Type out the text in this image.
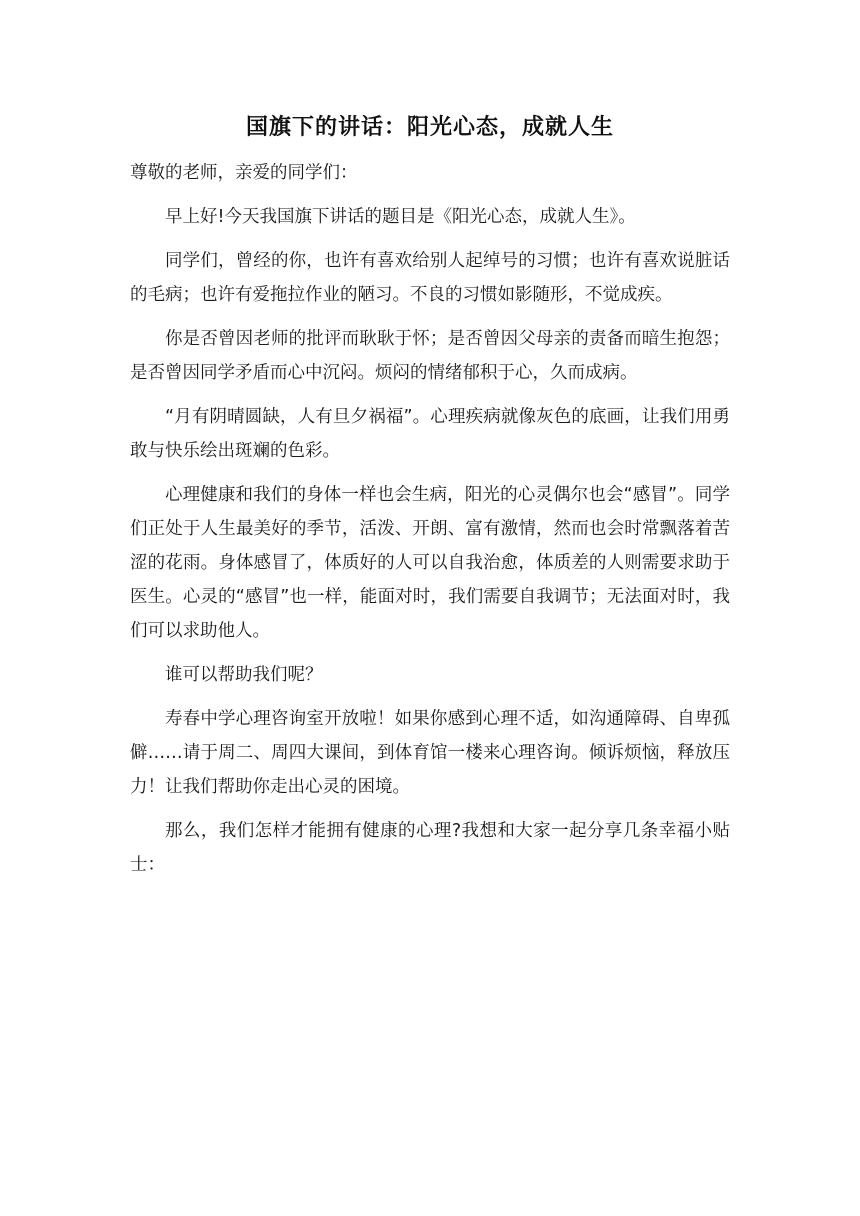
国旗下的讲话：阳光心态，成就人生

尊敬的老师，亲爱的同学们：

早上好!今天我国旗下讲话的题目是《阳光心态，成就人生》。

同学们，曾经的你，也许有喜欢给别人起绰号的习惯；也许有喜欢说脏话的毛病；也许有爱拖拉作业的陋习。不良的习惯如影随形，不觉成疾。

你是否曾因老师的批评而耿耿于怀；是否曾因父母亲的责备而暗生抱怨；是否曾因同学矛盾而心中沉闷。烦闷的情绪郁积于心，久而成病。

“月有阴晴圆缺，人有旦夕祸福”。心理疾病就像灰色的底画，让我们用勇敢与快乐绘出斑斓的色彩。

心理健康和我们的身体一样也会生病，阳光的心灵偶尔也会“感冒”。同学们正处于人生最美好的季节，活泼、开朗、富有激情，然而也会时常飘落着苦涩的花雨。身体感冒了，体质好的人可以自我治愈，体质差的人则需要求助于医生。心灵的“感冒”也一样，能面对时，我们需要自我调节；无法面对时，我们可以求助他人。

谁可以帮助我们呢？

寿春中学心理咨询室开放啦！如果你感到心理不适，如沟通障碍、自卑孤僻……请于周二、周四大课间，到体育馆一楼来心理咨询。倾诉烦恼，释放压力！让我们帮助你走出心灵的困境。

那么，我们怎样才能拥有健康的心理?我想和大家一起分享几条幸福小贴士：
